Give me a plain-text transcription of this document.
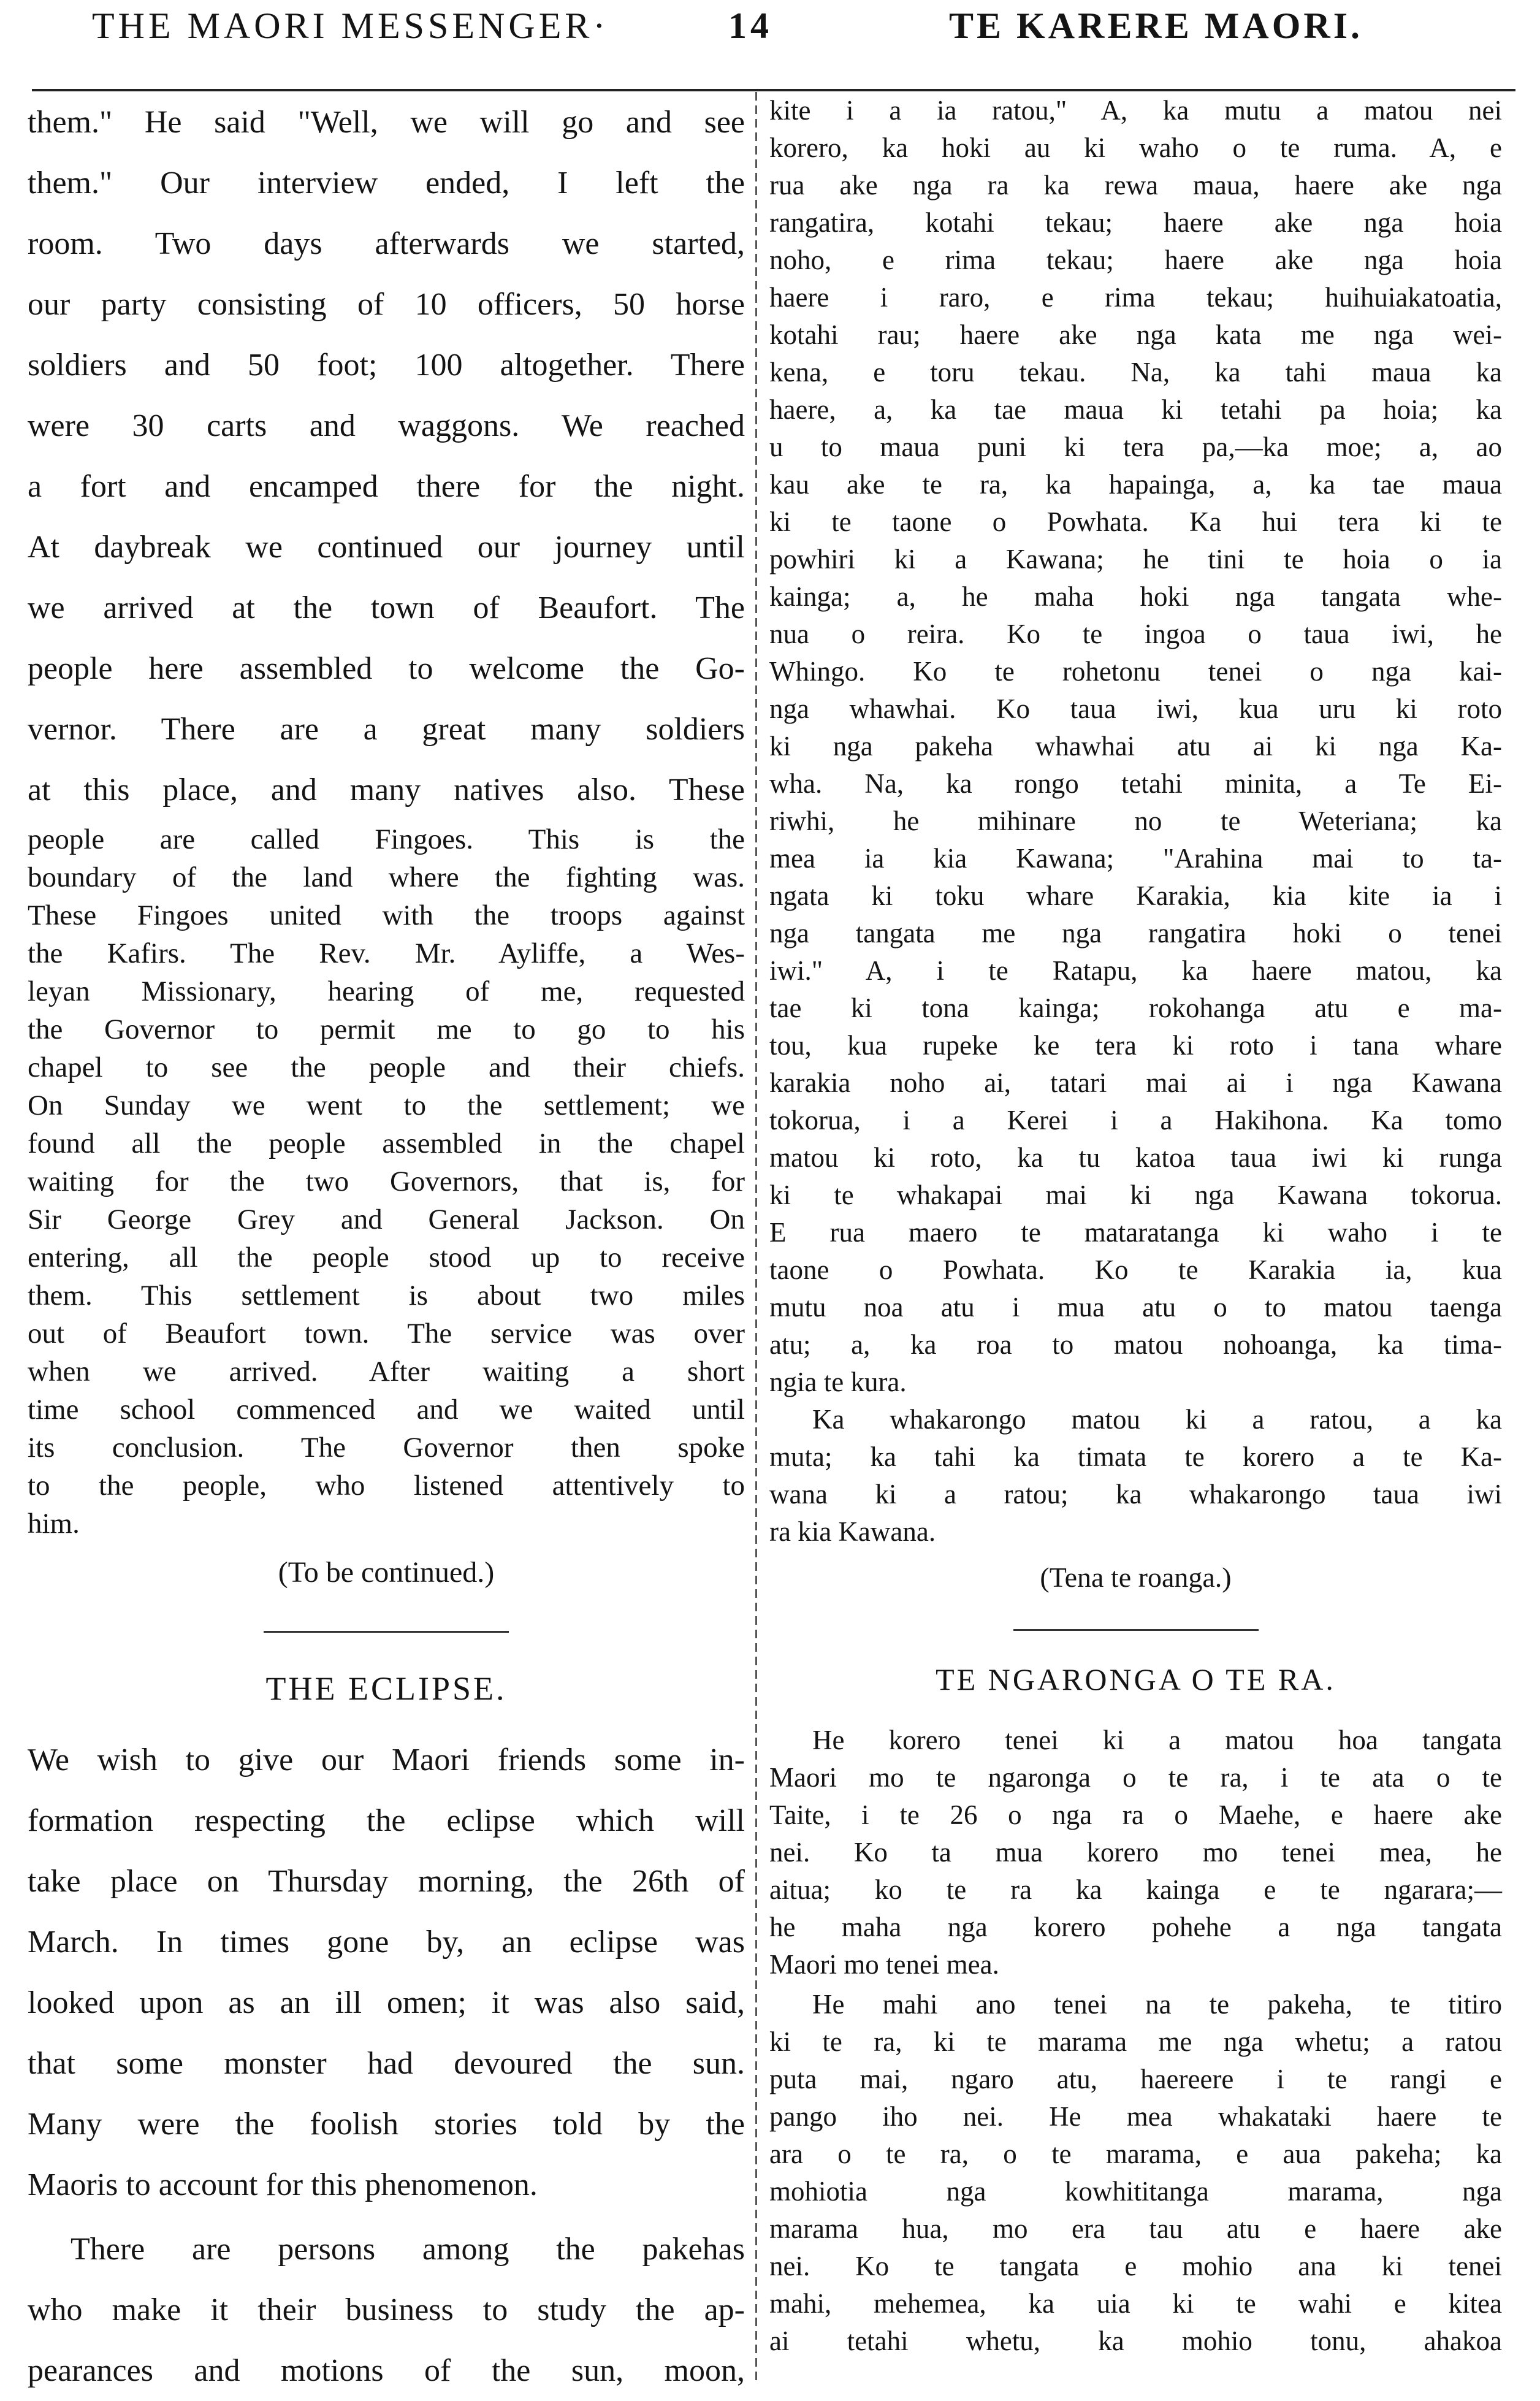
THE MAORI MESSENGER·	14	TE KARERE MAORI.
them." He said "Well, we will go and see
them." Our interview ended, I left the
room. Two days afterwards we started,
our party consisting of 10 officers, 50 horse
soldiers and 50 foot; 100 altogether. There
were 30 carts and waggons. We reached
a fort and encamped there for the night.
At daybreak we continued our journey until
we arrived at the town of Beaufort. The
people here assembled to welcome the Go-
vernor. There are a great many soldiers
at this place, and many natives also. These
people are called Fingoes. This is the
boundary of the land where the fighting was.
These Fingoes united with the troops against
the Kafirs. The Rev. Mr. Ayliffe, a Wes-
leyan Missionary, hearing of me, requested
the Governor to permit me to go to his
chapel to see the people and their chiefs.
On Sunday we went to the settlement; we
found all the people assembled in the chapel
waiting for the two Governors, that is, for
Sir George Grey and General Jackson. On
entering, all the people stood up to receive
them. This settlement is about two miles
out of Beaufort town. The service was over
when we arrived. After waiting a short
time school commenced and we waited until
its conclusion. The Governor then spoke
to the people, who listened attentively to
him.
(To be continued.)
THE ECLIPSE.
We wish to give our Maori friends some in-
formation respecting the eclipse which will
take place on Thursday morning, the 26th of
March. In times gone by, an eclipse was
looked upon as an ill omen; it was also said,
that some monster had devoured the sun.
Many were the foolish stories told by the
Maoris to account for this phenomenon.
There are persons among the pakehas
who make it their business to study the ap-
pearances and motions of the sun, moon,
kite i a ia ratou," A, ka mutu a matou nei
korero, ka hoki au ki waho o te ruma. A, e
rua ake nga ra ka rewa maua, haere ake nga
rangatira, kotahi tekau; haere ake nga hoia
noho, e rima tekau; haere ake nga hoia
haere i raro, e rima tekau; huihuiakatoatia,
kotahi rau; haere ake nga kata me nga wei-
kena, e toru tekau. Na, ka tahi maua ka
haere, a, ka tae maua ki tetahi pa hoia; ka
u to maua puni ki tera pa,—ka moe; a, ao
kau ake te ra, ka hapainga, a, ka tae maua
ki te taone o Powhata. Ka hui tera ki te
powhiri ki a Kawana; he tini te hoia o ia
kainga; a, he maha hoki nga tangata whe-
nua o reira. Ko te ingoa o taua iwi, he
Whingo. Ko te rohetonu tenei o nga kai-
nga whawhai. Ko taua iwi, kua uru ki roto
ki nga pakeha whawhai atu ai ki nga Ka-
wha. Na, ka rongo tetahi minita, a Te Ei-
riwhi, he mihinare no te Weteriana; ka
mea ia kia Kawana; "Arahina mai to ta-
ngata ki toku whare Karakia, kia kite ia i
nga tangata me nga rangatira hoki o tenei
iwi." A, i te Ratapu, ka haere matou, ka
tae ki tona kainga; rokohanga atu e ma-
tou, kua rupeke ke tera ki roto i tana whare
karakia noho ai, tatari mai ai i nga Kawana
tokorua, i a Kerei i a Hakihona. Ka tomo
matou ki roto, ka tu katoa taua iwi ki runga
ki te whakapai mai ki nga Kawana tokorua.
E rua maero te mataratanga ki waho i te
taone o Powhata. Ko te Karakia ia, kua
mutu noa atu i mua atu o to matou taenga
atu; a, ka roa to matou nohoanga, ka tima-
ngia te kura.
Ka whakarongo matou ki a ratou, a ka
muta; ka tahi ka timata te korero a te Ka-
wana ki a ratou; ka whakarongo taua iwi
ra kia Kawana.
(Tena te roanga.)
TE NGARONGA O TE RA.
He korero tenei ki a matou hoa tangata
Maori mo te ngaronga o te ra, i te ata o te
Taite, i te 26 o nga ra o Maehe, e haere ake
nei. Ko ta mua korero mo tenei mea, he
aitua; ko te ra ka kainga e te ngarara;—
he maha nga korero pohehe a nga tangata
Maori mo tenei mea.
He mahi ano tenei na te pakeha, te titiro
ki te ra, ki te marama me nga whetu; a ratou
puta mai, ngaro atu, haereere i te rangi e
pango iho nei. He mea whakataki haere te
ara o te ra, o te marama, e aua pakeha; ka
mohiotia nga kowhititanga marama, nga
marama hua, mo era tau atu e haere ake
nei. Ko te tangata e mohio ana ki tenei
mahi, mehemea, ka uia ki te wahi e kitea
ai tetahi whetu, ka mohio tonu, ahakoa
